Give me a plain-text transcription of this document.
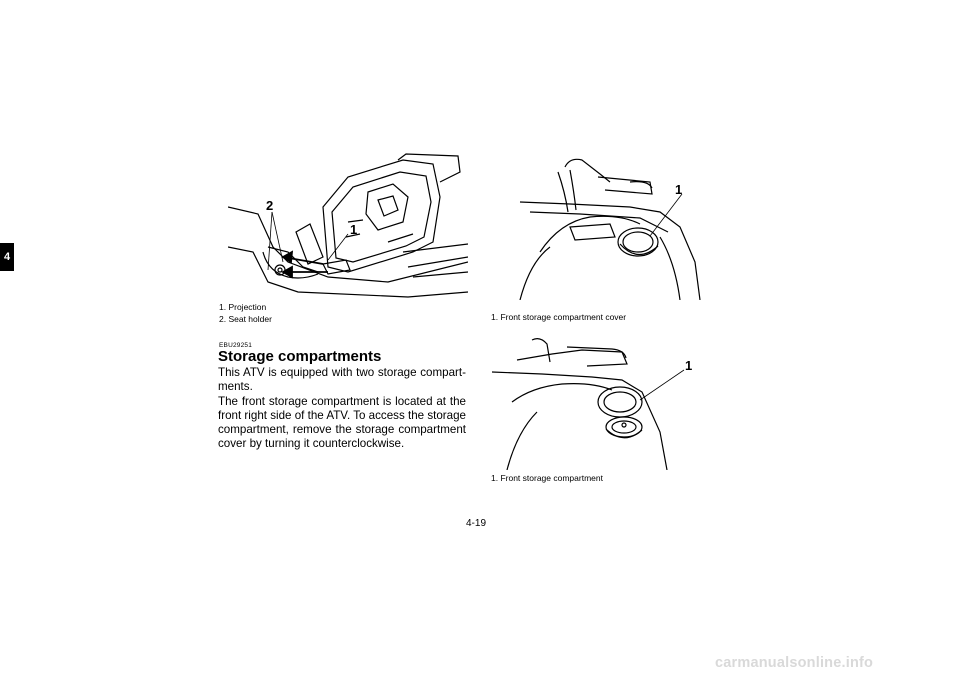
4
2
1
1. Projection
2. Seat holder
EBU29251
Storage compartments

This ATV is equipped with two storage compart-ments.

The front storage compartment is located at the front right side of the ATV. To access the storage compartment, remove the storage compartment cover by turning it counterclockwise.

1
1. Front storage compartment cover
1
1. Front storage compartment
4-19
carmanualsonline.info
